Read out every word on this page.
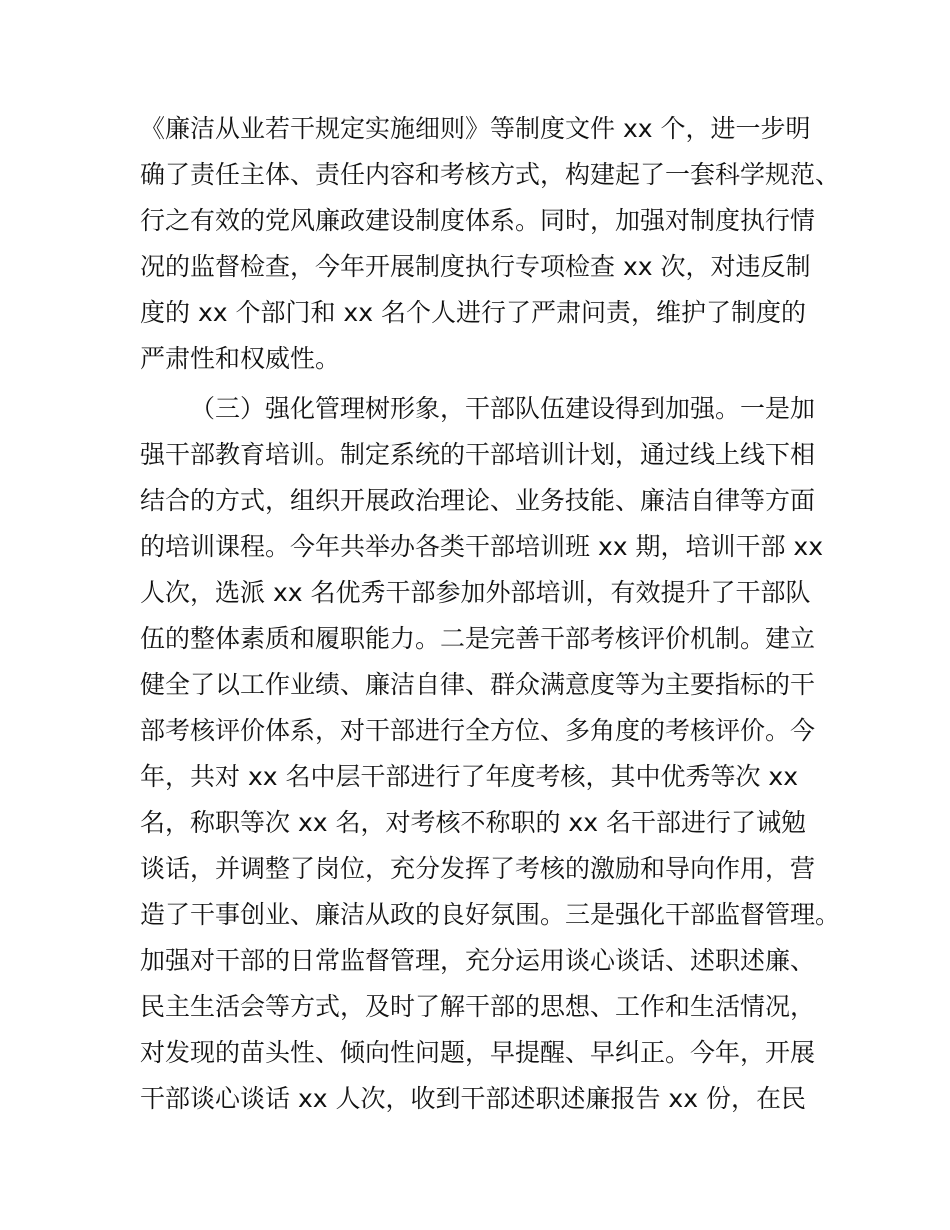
《廉洁从业若干规定实施细则》等制度文件 xx 个，进一步明
确了责任主体、责任内容和考核方式，构建起了一套科学规范、
行之有效的党风廉政建设制度体系。同时，加强对制度执行情
况的监督检查，今年开展制度执行专项检查 xx 次，对违反制
度的 xx 个部门和 xx 名个人进行了严肃问责，维护了制度的
严肃性和权威性。
（三）强化管理树形象，干部队伍建设得到加强。一是加
强干部教育培训。制定系统的干部培训计划，通过线上线下相
结合的方式，组织开展政治理论、业务技能、廉洁自律等方面
的培训课程。今年共举办各类干部培训班 xx 期，培训干部 xx
人次，选派 xx 名优秀干部参加外部培训，有效提升了干部队
伍的整体素质和履职能力。二是完善干部考核评价机制。建立
健全了以工作业绩、廉洁自律、群众满意度等为主要指标的干
部考核评价体系，对干部进行全方位、多角度的考核评价。今
年，共对 xx 名中层干部进行了年度考核，其中优秀等次 xx
名，称职等次 xx 名，对考核不称职的 xx 名干部进行了诫勉
谈话，并调整了岗位，充分发挥了考核的激励和导向作用，营
造了干事创业、廉洁从政的良好氛围。三是强化干部监督管理。
加强对干部的日常监督管理，充分运用谈心谈话、述职述廉、
民主生活会等方式，及时了解干部的思想、工作和生活情况，
对发现的苗头性、倾向性问题，早提醒、早纠正。今年，开展
干部谈心谈话 xx 人次，收到干部述职述廉报告 xx 份，在民
